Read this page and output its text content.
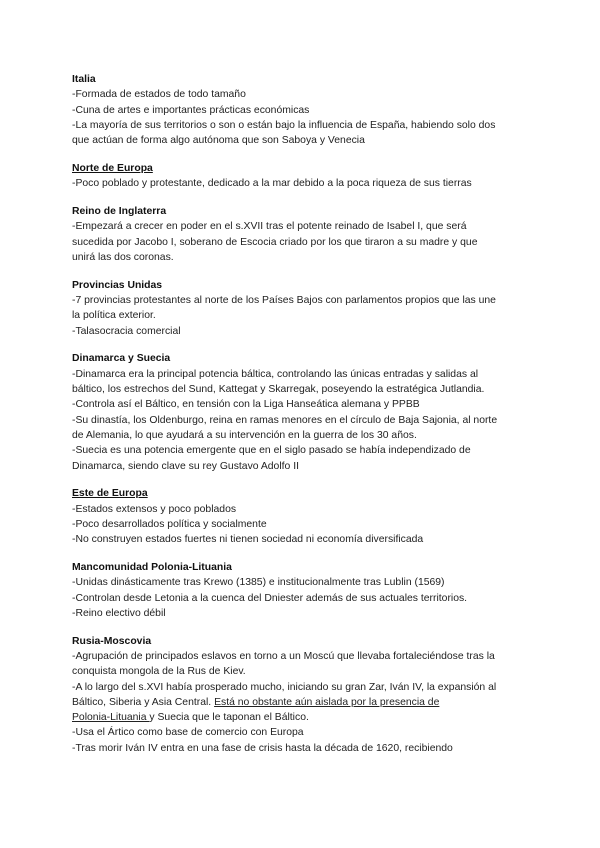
Italia
-Formada de estados de todo tamaño
-Cuna de artes e importantes prácticas económicas
-La mayoría de sus territorios o son o están bajo la influencia de España, habiendo solo dos
que actúan de forma algo autónoma que son Saboya y Venecia
Norte de Europa
-Poco poblado y protestante, dedicado a la mar debido a la poca riqueza de sus tierras
Reino de Inglaterra
-Empezará a crecer en poder en el s.XVII tras el potente reinado de Isabel I, que será
sucedida por Jacobo I, soberano de Escocia criado por los que tiraron a su madre y que
unirá las dos coronas.
Provincias Unidas
-7 provincias protestantes al norte de los Países Bajos con parlamentos propios que las une
la política exterior.
-Talasocracia comercial
Dinamarca y Suecia
-Dinamarca era la principal potencia báltica, controlando las únicas entradas y salidas al
báltico, los estrechos del Sund, Kattegat y Skarregak, poseyendo la estratégica Jutlandia.
-Controla así el Báltico, en tensión con la Liga Hanseática alemana y PPBB
-Su dinastía, los Oldenburgo, reina en ramas menores en el círculo de Baja Sajonia, al norte
de Alemania, lo que ayudará a su intervención en la guerra de los 30 años.
-Suecia es una potencia emergente que en el siglo pasado se había independizado de
Dinamarca, siendo clave su rey Gustavo Adolfo II
Este de Europa
-Estados extensos y poco poblados
-Poco desarrollados política y socialmente
-No construyen estados fuertes ni tienen sociedad ni economía diversificada
Mancomunidad Polonia-Lituania
-Unidas dinásticamente tras Krewo (1385) e institucionalmente tras Lublin (1569)
-Controlan desde Letonia a la cuenca del Dniester además de sus actuales territorios.
-Reino electivo débil
Rusia-Moscovia
-Agrupación de principados eslavos en torno a un Moscú que llevaba fortaleciéndose tras la
conquista mongola de la Rus de Kiev.
-A lo largo del s.XVI había prosperado mucho, iniciando su gran Zar, Iván IV, la expansión al
Báltico, Siberia y Asia Central. Está no obstante aún aislada por la presencia de
Polonia-Lituania y Suecia que le taponan el Báltico.
-Usa el Ártico como base de comercio con Europa
-Tras morir Iván IV entra en una fase de crisis hasta la década de 1620, recibiendo
